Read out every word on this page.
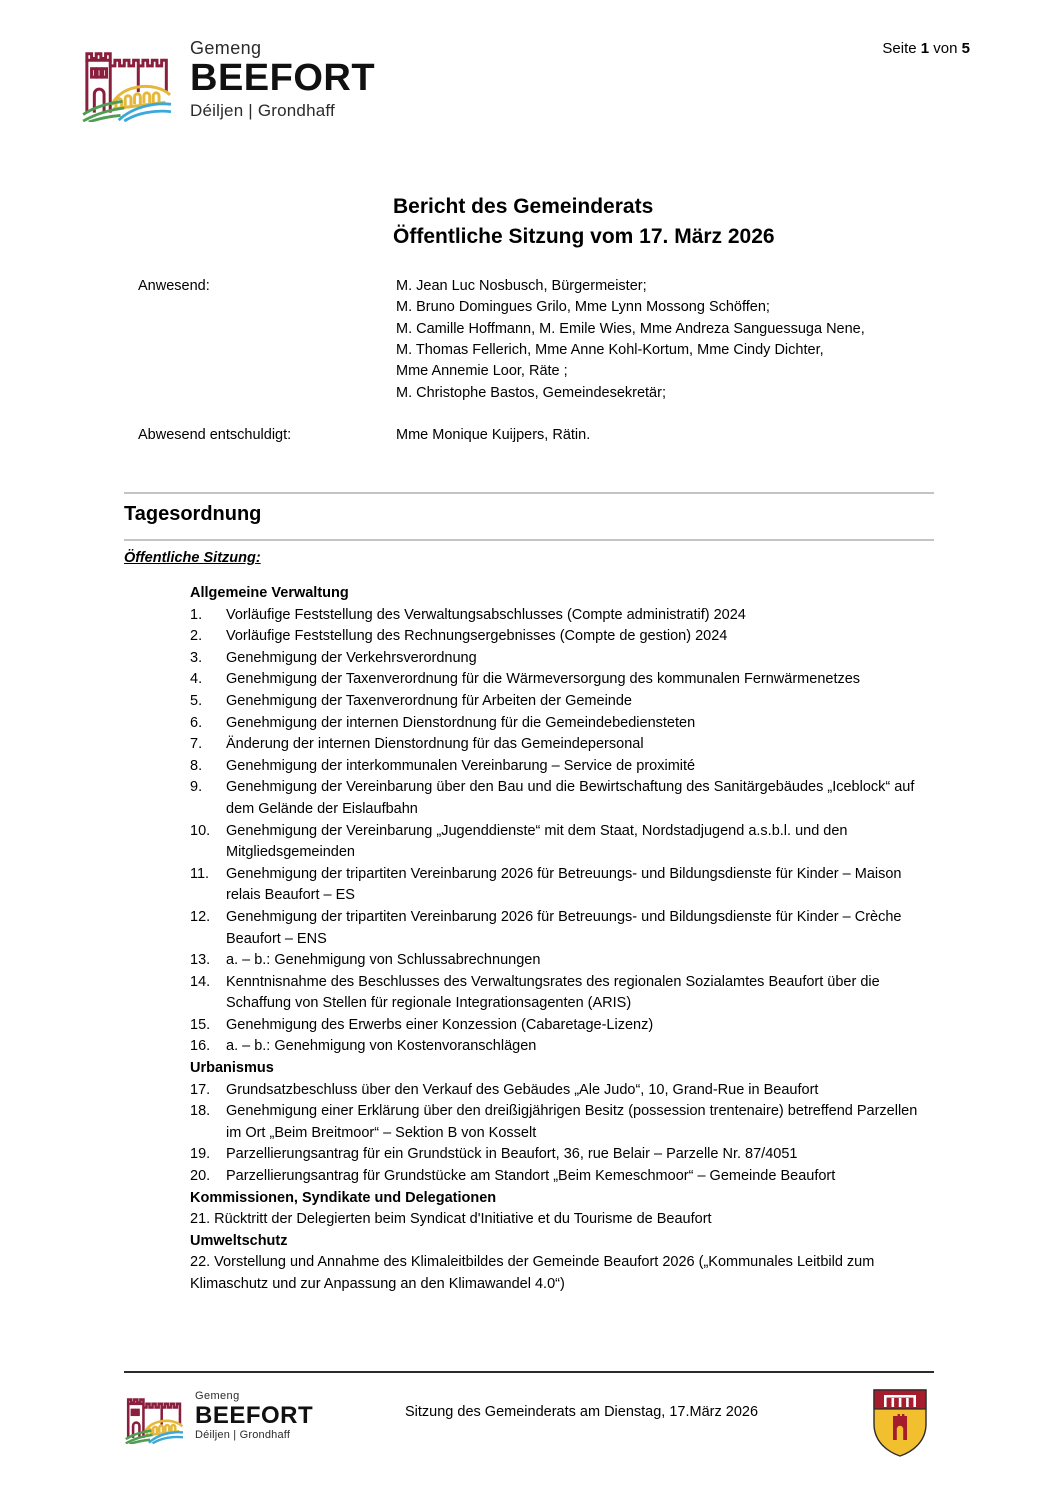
Gemeng
BEEFORT
Déiljen | Grondhaff
Seite 1 von 5
Bericht des Gemeinderats
Öffentliche Sitzung vom 17. März 2026
Anwesend:	M. Jean Luc Nosbusch, Bürgermeister;
M. Bruno Domingues Grilo, Mme Lynn Mossong Schöffen;
M. Camille Hoffmann, M. Emile Wies, Mme Andreza Sanguessuga Nene,
M. Thomas Fellerich, Mme Anne Kohl-Kortum, Mme Cindy Dichter,
Mme Annemie Loor, Räte ;
M. Christophe Bastos, Gemeindesekretär;
Abwesend entschuldigt:	Mme Monique Kuijpers, Rätin.
Tagesordnung
Öffentliche Sitzung:
Allgemeine Verwaltung
1.	Vorläufige Feststellung des Verwaltungsabschlusses (Compte administratif) 2024
2.	Vorläufige Feststellung des Rechnungsergebnisses (Compte de gestion) 2024
3.	Genehmigung der Verkehrsverordnung
4.	Genehmigung der Taxenverordnung für die Wärmeversorgung des kommunalen Fernwärmenetzes
5.	Genehmigung der Taxenverordnung für Arbeiten der Gemeinde
6.	Genehmigung der internen Dienstordnung für die Gemeindebediensteten
7.	Änderung der internen Dienstordnung für das Gemeindepersonal
8.	Genehmigung der interkommunalen Vereinbarung – Service de proximité
9.	Genehmigung der Vereinbarung über den Bau und die Bewirtschaftung des Sanitärgebäudes „Iceblock“ auf dem Gelände der Eislaufbahn
10.	Genehmigung der Vereinbarung „Jugenddienste“ mit dem Staat, Nordstadjugend a.s.b.l. und den Mitgliedsgemeinden
11.	Genehmigung der tripartiten Vereinbarung 2026 für Betreuungs- und Bildungsdienste für Kinder – Maison relais Beaufort – ES
12.	Genehmigung der tripartiten Vereinbarung 2026 für Betreuungs- und Bildungsdienste für Kinder – Crèche Beaufort – ENS
13.	a. – b.: Genehmigung von Schlussabrechnungen
14.	Kenntnisnahme des Beschlusses des Verwaltungsrates des regionalen Sozialamtes Beaufort über die Schaffung von Stellen für regionale Integrationsagenten (ARIS)
15.	Genehmigung des Erwerbs einer Konzession (Cabaretage-Lizenz)
16.	a. – b.: Genehmigung von Kostenvoranschlägen
Urbanismus
17.	Grundsatzbeschluss über den Verkauf des Gebäudes „Ale Judo“, 10, Grand-Rue in Beaufort
18.	Genehmigung einer Erklärung über den dreißigjährigen Besitz (possession trentenaire) betreffend Parzellen im Ort „Beim Breitmoor“ – Sektion B von Kosselt
19.	Parzellierungsantrag für ein Grundstück in Beaufort, 36, rue Belair – Parzelle Nr. 87/4051
20.	Parzellierungsantrag für Grundstücke am Standort „Beim Kemeschmoor“ – Gemeinde Beaufort
Kommissionen, Syndikate und Delegationen
21. Rücktritt der Delegierten beim Syndicat d'Initiative et du Tourisme de Beaufort
Umweltschutz
22. Vorstellung und Annahme des Klimaleitbildes der Gemeinde Beaufort 2026 („Kommunales Leitbild zum Klimaschutz und zur Anpassung an den Klimawandel 4.0“)
Gemeng
BEEFORT
Déiljen | Grondhaff
Sitzung des Gemeinderats am Dienstag, 17.März 2026
